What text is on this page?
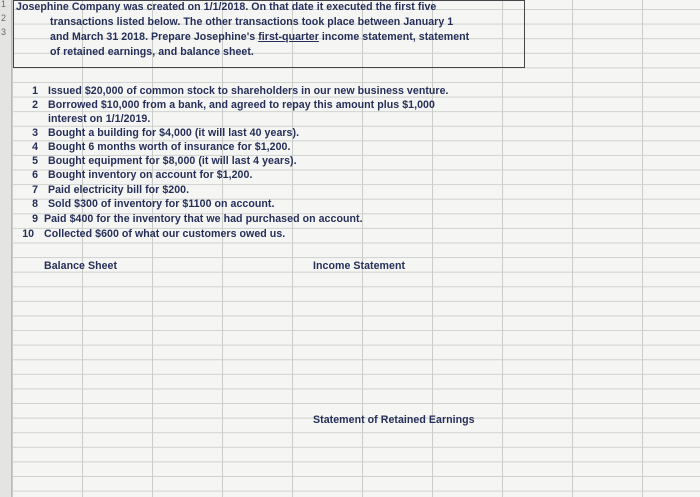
1
2
3
Josephine Company was created on 1/1/2018. On that date it executed the first five
transactions listed below. The other transactions took place between January 1
and March 31 2018. Prepare Josephine's first-quarter income statement, statement
of retained earnings, and balance sheet.
1 Issued $20,000 of common stock to shareholders in our new business venture.
2 Borrowed $10,000 from a bank, and agreed to repay this amount plus $1,000
interest on 1/1/2019.
3 Bought a building for $4,000 (it will last 40 years).
4 Bought 6 months worth of insurance for $1,200.
5 Bought equipment for $8,000 (it will last 4 years).
6 Bought inventory on account for $1,200.
7 Paid electricity bill for $200.
8 Sold $300 of inventory for $1100 on account.
9 Paid $400 for the inventory that we had purchased on account.
10 Collected $600 of what our customers owed us.
Balance Sheet	Income Statement
Statement of Retained Earnings
